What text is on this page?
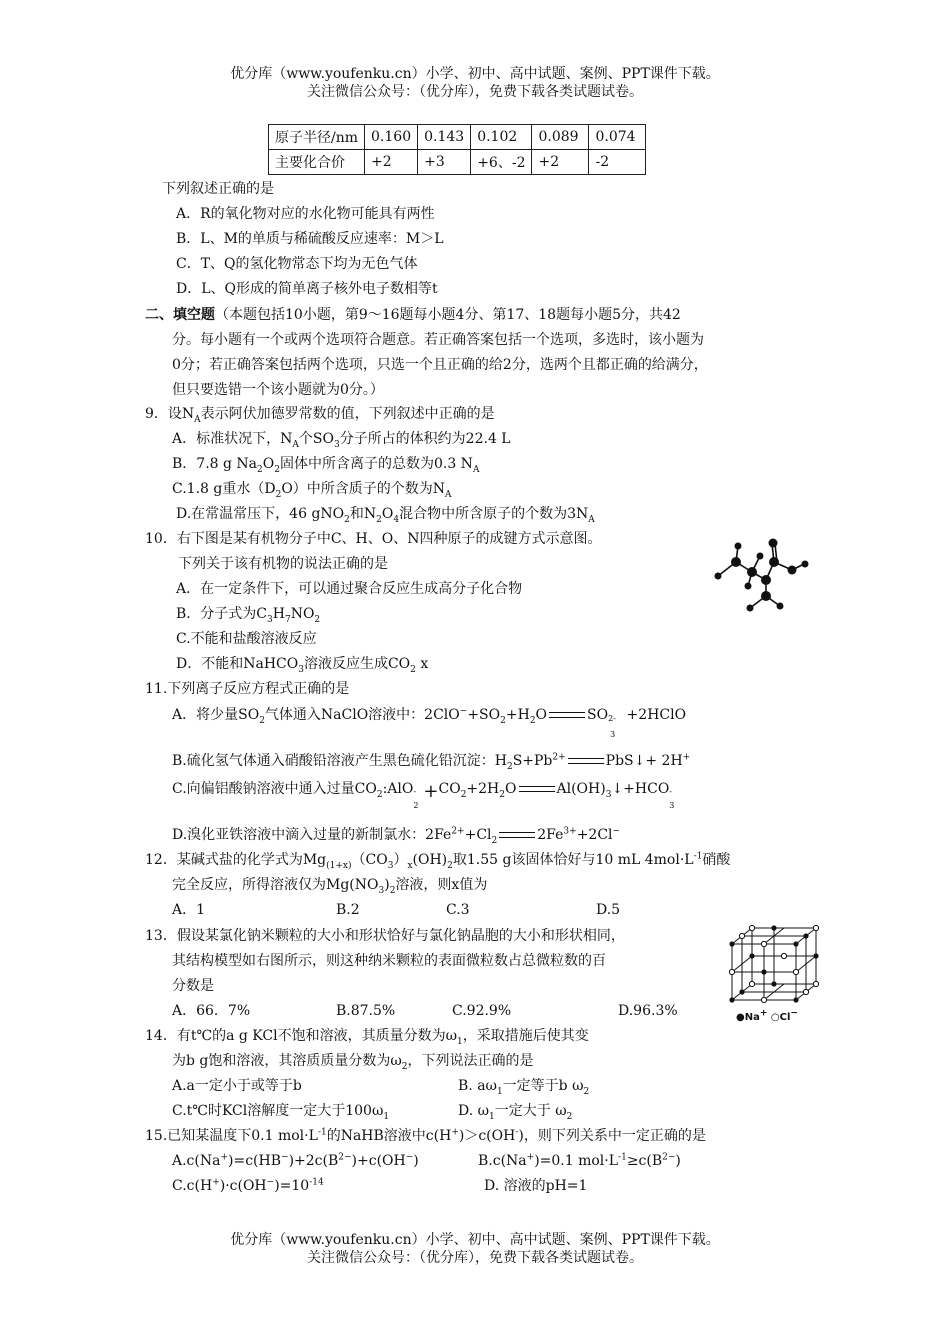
优分库（www.youfenku.cn）小学、初中、高中试题、案例、PPT课件下载。
关注微信公众号：（优分库），免费下载各类试题试卷。
原子半径/nm	0.160	0.143	0.102	0.089	0.074
主要化合价	+2	+3	+6、-2	+2	-2
下列叙述正确的是
A．R的氧化物对应的水化物可能具有两性
B．L、M的单质与稀硫酸反应速率：M＞L
C．T、Q的氢化物常态下均为无色气体
D．L、Q形成的简单离子核外电子数相等t
二、填空题（本题包括10小题，第9～16题每小题4分、第17、18题每小题5分，共42
分。每小题有一个或两个选项符合题意。若正确答案包括一个选项，多选时，该小题为
0分；若正确答案包括两个选项，只选一个且正确的给2分，选两个且都正确的给满分，
但只要选错一个该小题就为0分。）
9．设$N_A$表示阿伏加德罗常数的值，下列叙述中正确的是
A．标准状况下，$N_A$个$SO_3$分子所占的体积约为22.4 L
B．7.8 g $Na_2O_2$固体中所含离子的总数为0.3 $N_A$
C.1.8 g重水$(D_2O)$中所含质子的个数为$N_A$
D.在常温常压下，46 gNO$_2$和$N_2O_4$混合物中所含原子的个数为$3N_A$
10．右下图是某有机物分子中C、H、O、N四种原子的成键方式示意图。
下列关于该有机物的说法正确的是
A．在一定条件下，可以通过聚合反应生成高分子化合物
B．分子式为$C_3H_7NO_2$
C.不能和盐酸溶液反应
D．不能和NaHCO$_3$溶液反应生成$CO_2$ x
11.下列离子反应方程式正确的是
A．将少量$SO_2$气体通入NaClO溶液中：$2ClO^-+SO_2+H_2O$	SO 2-
3
+2HClO
B.硫化氢气体通入硝酸铅溶液产生黑色硫化铅沉淀：$H_2S+Pb^{2+}$	PbS↓+ 2H+
C.向偏铝酸钠溶液中通入过量$CO_2:AlO$ -
2
$+CO_2+2H_2O$	$Al(OH)_3↓+HCO$ -
3
D.溴化亚铁溶液中滴入过量的新制氯水：$2Fe^{2+}+Cl_2$	$2Fe^{3+}+2Cl^-$
12．某碱式盐的化学式为$Mg_{(1+x)}(CO_3)_x(OH)_2$取1.55 g该固体恰好与10 mL $4mol\cdot L^{-1}$硝酸
完全反应，所得溶液仅为$Mg(NO_3)_2$溶液，则x值为
A．1	B.2	C.3	D.5
13．假设某氯化钠米颗粒的大小和形状恰好与氯化钠晶胞的大小和形状相同，
其结构模型如右图所示，则这种纳米颗粒的表面微粒数占总微粒数的百
分数是
A．66．7%	B.87.5%	C.92.9%	D.96.3%	●Na+ ○Cl−
14．有t℃的a g KCl不饱和溶液，其质量分数为$\omega_1$，采取措施后使其变
为b g饱和溶液，其溶质质量分数为$\omega_2$，下列说法正确的是
A.a一定小于或等于b	B. $a\omega_1$一定等于b $\omega_2$
C.t℃时KCl溶解度一定大于$100\omega_1$	D. $\omega_1$一定大于 $\omega_2$
15.已知某温度下0.1 $mol\cdot L^{-1}$的NaHB溶液中c(H+)＞c(OH-)，则下列关系中一定正确的是
$A.c(Na^+)=c(HB^-)+2c(B^{2-})+c(OH^-)$	B.c(Na+)=0.1 $mol\cdot L^{-1}\ge c(B^{2-})$
$C.c(H^+)\cdot c(OH^-)=10^{-14}$	D. 溶液的pH=1
优分库（www.youfenku.cn）小学、初中、高中试题、案例、PPT课件下载。
关注微信公众号：（优分库），免费下载各类试题试卷。
